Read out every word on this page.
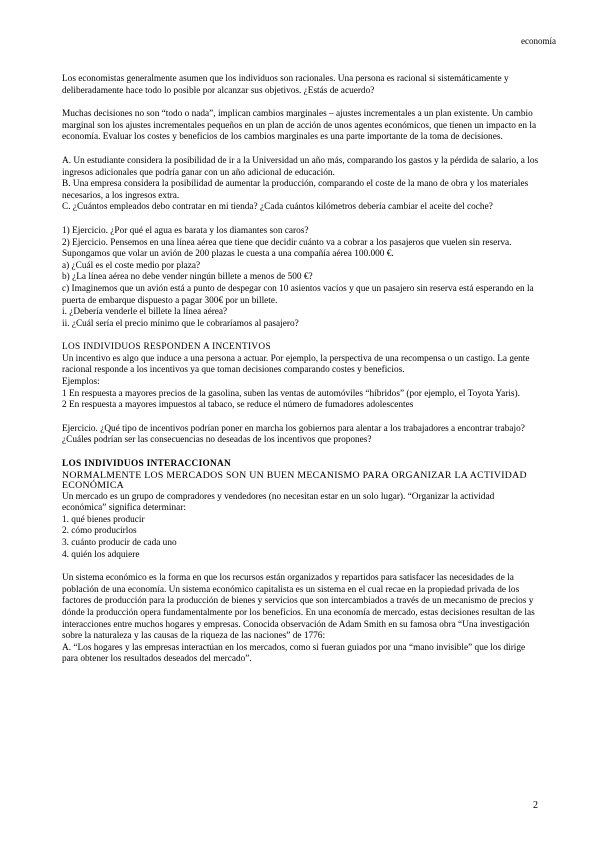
economía

Los economistas generalmente asumen que los individuos son racionales. Una persona es racional si sistemáticamente y deliberadamente hace todo lo posible por alcanzar sus objetivos. ¿Estás de acuerdo?

Muchas decisiones no son “todo o nada”, implican cambios marginales – ajustes incrementales a un plan existente. Un cambio marginal son los ajustes incrementales pequeños en un plan de acción de unos agentes económicos, que tienen un impacto en la economía. Evaluar los costes y beneficios de los cambios marginales es una parte importante de la toma de decisiones.

A. Un estudiante considera la posibilidad de ir a la Universidad un año más, comparando los gastos y la pérdida de salario, a los ingresos adicionales que podría ganar con un año adicional de educación.

B. Una empresa considera la posibilidad de aumentar la producción, comparando el coste de la mano de obra y los materiales necesarios, a los ingresos extra.

C. ¿Cuántos empleados debo contratar en mi tienda? ¿Cada cuántos kilómetros debería cambiar el aceite del coche?

1) Ejercicio. ¿Por qué el agua es barata y los diamantes son caros?

2) Ejercicio. Pensemos en una línea aérea que tiene que decidir cuánto va a cobrar a los pasajeros que vuelen sin reserva. Supongamos que volar un avión de 200 plazas le cuesta a una compañía aérea 100.000 €.

a) ¿Cuál es el coste medio por plaza?

b) ¿La línea aérea no debe vender ningún billete a menos de 500 €?

c) Imaginemos que un avión está a punto de despegar con 10 asientos vacíos y que un pasajero sin reserva está esperando en la puerta de embarque dispuesto a pagar 300€ por un billete.

i. ¿Debería venderle el billete la línea aérea?

ii. ¿Cuál sería el precio mínimo que le cobraríamos al pasajero?

LOS INDIVIDUOS RESPONDEN A INCENTIVOS

Un incentivo es algo que induce a una persona a actuar. Por ejemplo, la perspectiva de una recompensa o un castigo. La gente racional responde a los incentivos ya que toman decisiones comparando costes y beneficios.

Ejemplos:

1 En respuesta a mayores precios de la gasolina, suben las ventas de automóviles “híbridos” (por ejemplo, el Toyota Yaris).

2 En respuesta a mayores impuestos al tabaco, se reduce el número de fumadores adolescentes

Ejercicio. ¿Qué tipo de incentivos podrían poner en marcha los gobiernos para alentar a los trabajadores a encontrar trabajo? ¿Cuáles podrían ser las consecuencias no deseadas de los incentivos que propones?

LOS INDIVIDUOS INTERACCIONAN

NORMALMENTE LOS MERCADOS SON UN BUEN MECANISMO PARA ORGANIZAR LA ACTIVIDAD ECONÓMICA

Un mercado es un grupo de compradores y vendedores (no necesitan estar en un solo lugar). “Organizar la actividad económica” significa determinar:

1. qué bienes producir

2. cómo producirlos

3. cuánto producir de cada uno

4. quién los adquiere

Un sistema económico es la forma en que los recursos están organizados y repartidos para satisfacer las necesidades de la población de una economía. Un sistema económico capitalista es un sistema en el cual recae en la propiedad privada de los factores de producción para la producción de bienes y servicios que son intercambiados a través de un mecanismo de precios y dónde la producción opera fundamentalmente por los beneficios. En una economía de mercado, estas decisiones resultan de las interacciones entre muchos hogares y empresas. Conocida observación de Adam Smith en su famosa obra “Una investigación sobre la naturaleza y las causas de la riqueza de las naciones” de 1776:

A. “Los hogares y las empresas interactúan en los mercados, como si fueran guiados por una “mano invisible” que los dirige para obtener los resultados deseados del mercado”.

2
